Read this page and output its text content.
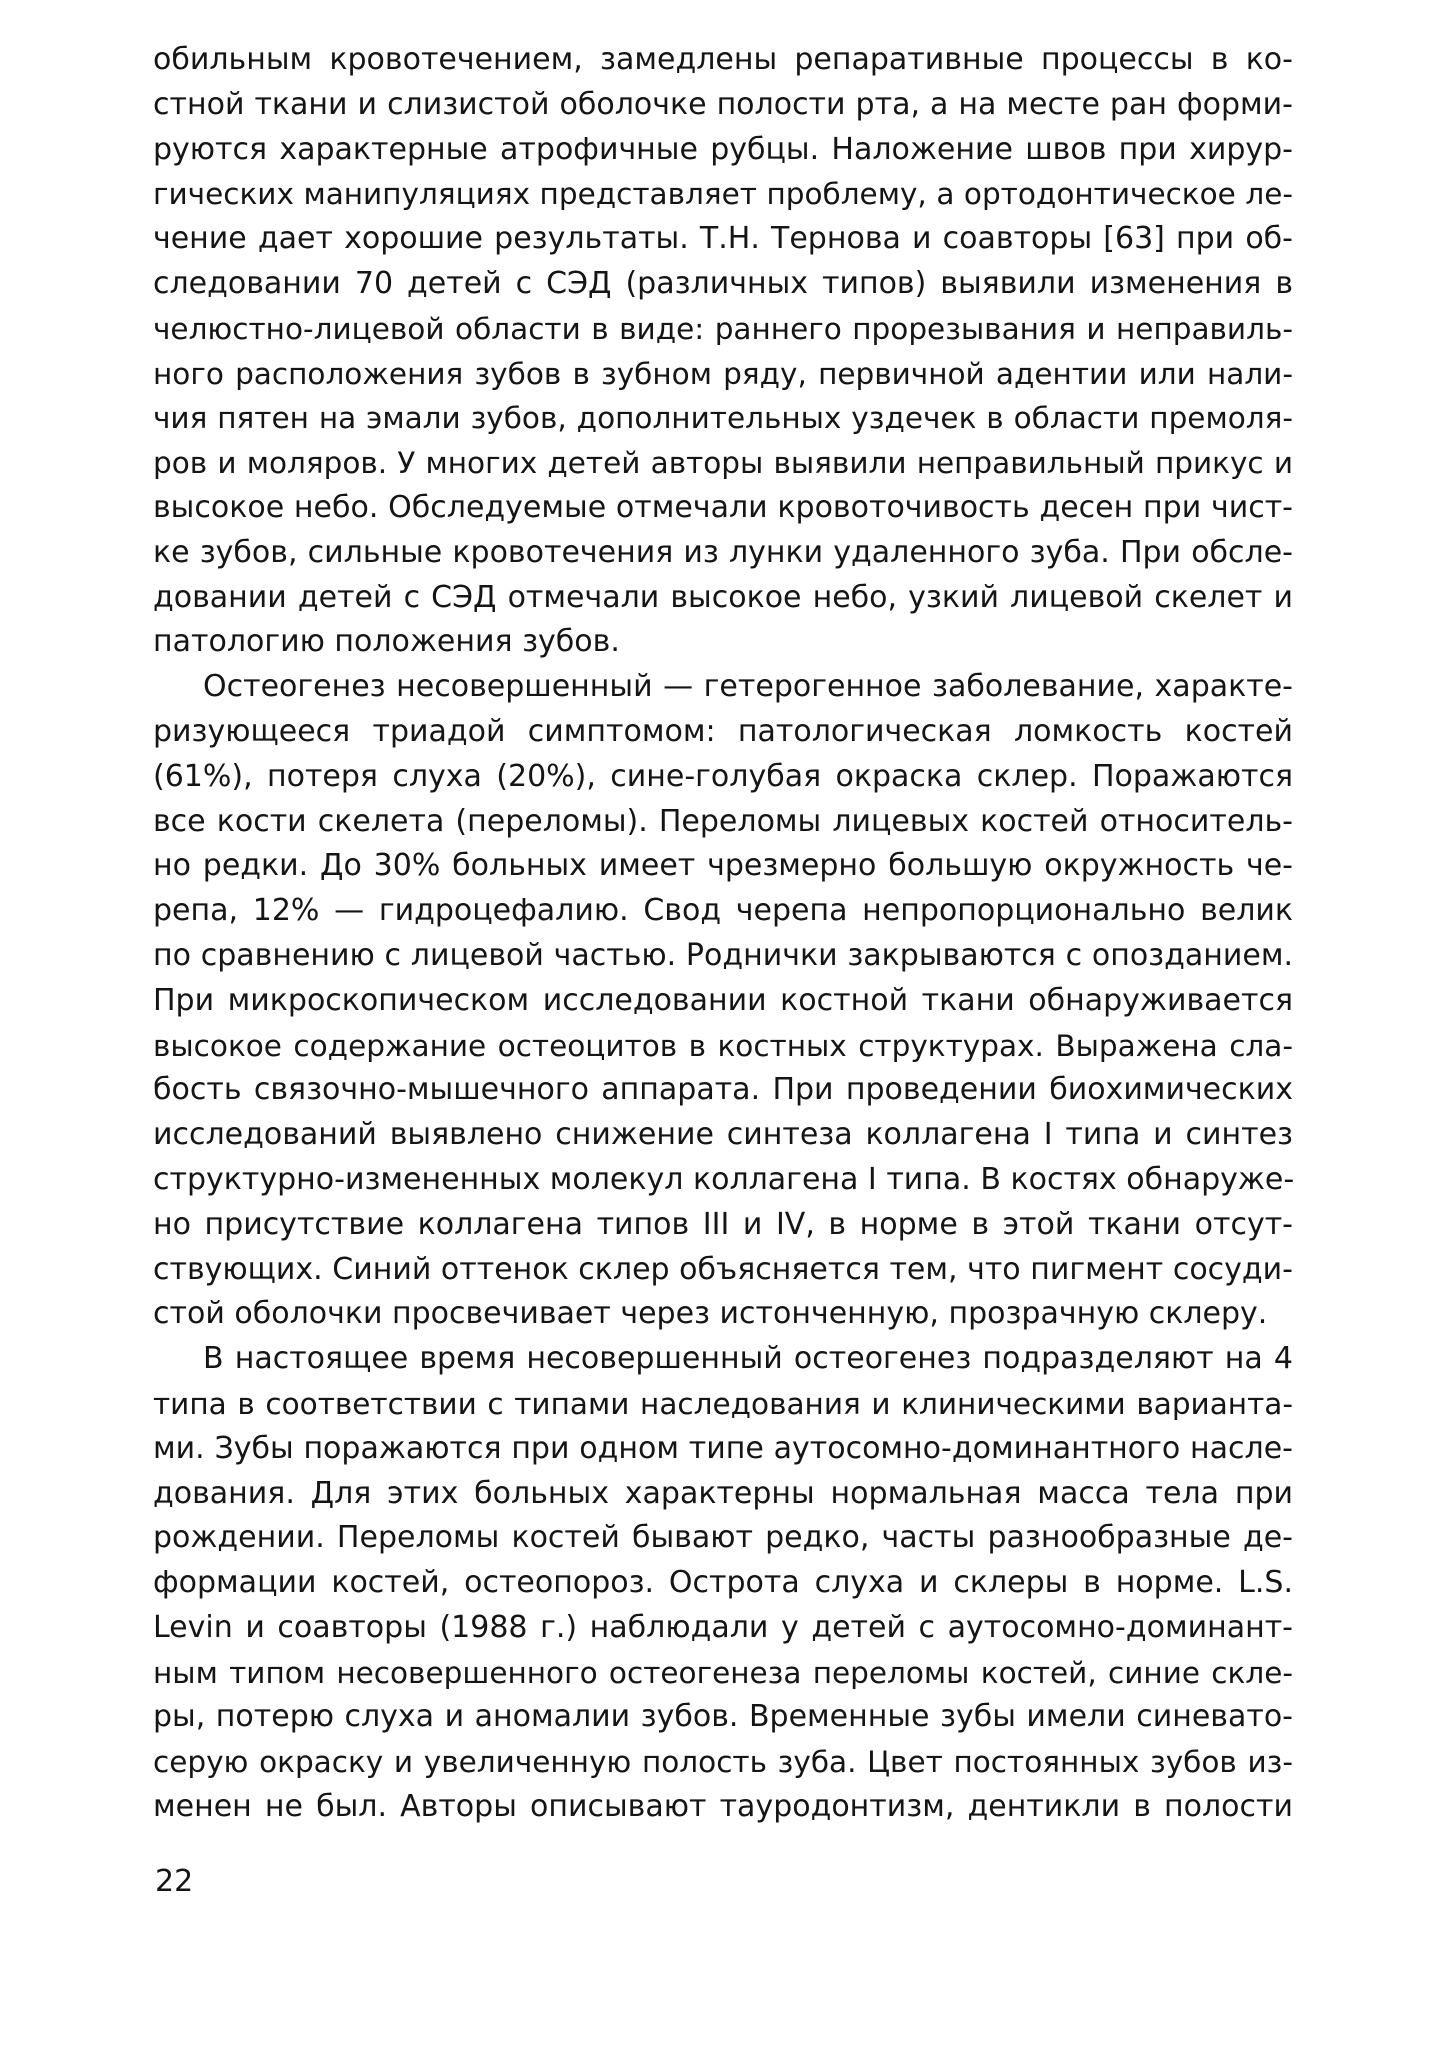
обильным кровотечением, замедлены репаративные процессы в ко-
стной ткани и слизистой оболочке полости рта, а на месте ран форми-
руются характерные атрофичные рубцы. Наложение швов при хирур-
гических манипуляциях представляет проблему, а ортодонтическое ле-
чение дает хорошие результаты. Т.Н. Тернова и соавторы [63] при об-
следовании 70 детей с СЭД (различных типов) выявили изменения в
челюстно-лицевой области в виде: раннего прорезывания и неправиль-
ного расположения зубов в зубном ряду, первичной адентии или нали-
чия пятен на эмали зубов, дополнительных уздечек в области премоля-
ров и моляров. У многих детей авторы выявили неправильный прикус и
высокое небо. Обследуемые отмечали кровоточивость десен при чист-
ке зубов, сильные кровотечения из лунки удаленного зуба. При обсле-
довании детей с СЭД отмечали высокое небо, узкий лицевой скелет и
патологию положения зубов.
Остеогенез несовершенный — гетерогенное заболевание, характе-
ризующееся триадой симптомом: патологическая ломкость костей
(61%), потеря слуха (20%), сине-голубая окраска склер. Поражаются
все кости скелета (переломы). Переломы лицевых костей относитель-
но редки. До 30% больных имеет чрезмерно большую окружность че-
репа, 12% — гидроцефалию. Свод черепа непропорционально велик
по сравнению с лицевой частью. Роднички закрываются с опозданием.
При микроскопическом исследовании костной ткани обнаруживается
высокое содержание остеоцитов в костных структурах. Выражена сла-
бость связочно-мышечного аппарата. При проведении биохимических
исследований выявлено снижение синтеза коллагена I типа и синтез
структурно-измененных молекул коллагена I типа. В костях обнаруже-
но присутствие коллагена типов III и IV, в норме в этой ткани отсут-
ствующих. Синий оттенок склер объясняется тем, что пигмент сосуди-
стой оболочки просвечивает через истонченную, прозрачную склеру.
В настоящее время несовершенный остеогенез подразделяют на 4
типа в соответствии с типами наследования и клиническими варианта-
ми. Зубы поражаются при одном типе аутосомно-доминантного насле-
дования. Для этих больных характерны нормальная масса тела при
рождении. Переломы костей бывают редко, часты разнообразные де-
формации костей, остеопороз. Острота слуха и склеры в норме. L.S.
Levin и соавторы (1988 г.) наблюдали у детей с аутосомно-доминант-
ным типом несовершенного остеогенеза переломы костей, синие скле-
ры, потерю слуха и аномалии зубов. Временные зубы имели синевато-
серую окраску и увеличенную полость зуба. Цвет постоянных зубов из-
менен не был. Авторы описывают тауродонтизм, дентикли в полости
22
